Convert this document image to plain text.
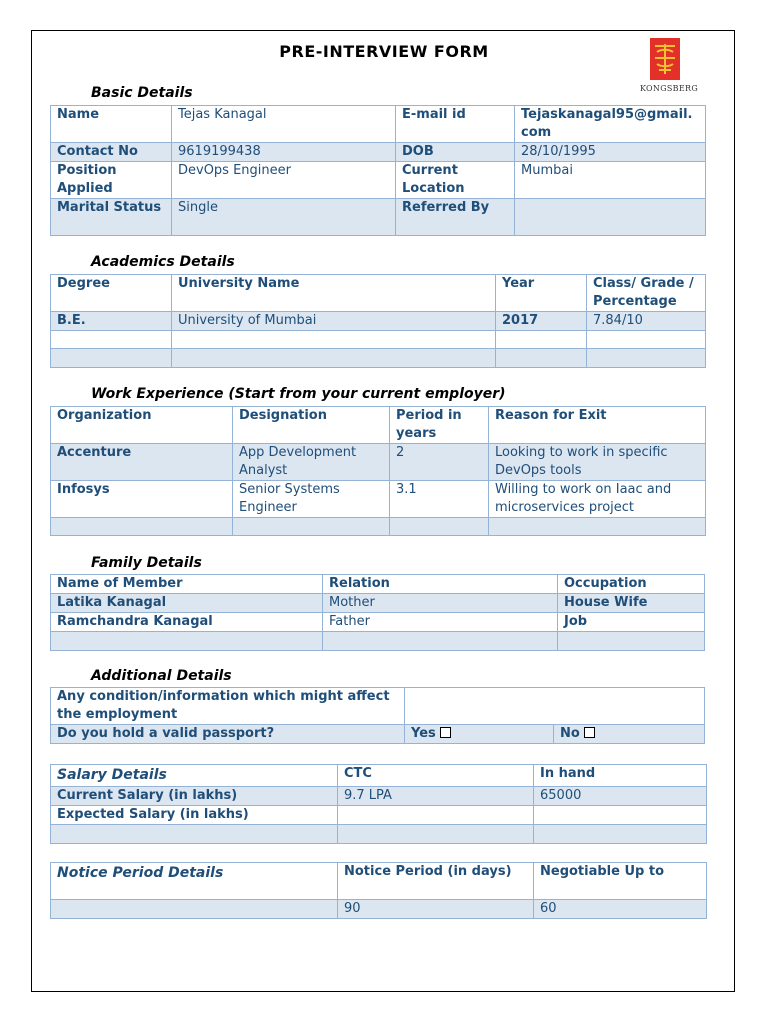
PRE-INTERVIEW FORM
KONGSBERG
Basic Details
Name	Tejas Kanagal	E-mail id	Tejaskanagal95@gmail.com
Contact No	9619199438	DOB	28/10/1995
Position Applied	DevOps Engineer	Current Location	Mumbai
Marital Status	Single	Referred By	
Academics Details
Degree	University Name	Year	Class/ Grade / Percentage
B.E.	University of Mumbai	2017	7.84/10

Work Experience (Start from your current employer)
Organization	Designation	Period in years	Reason for Exit
Accenture	App Development Analyst	2	Looking to work in specific DevOps tools
Infosys	Senior Systems Engineer	3.1	Willing to work on Iaac and microservices project

Family Details
Name of Member	Relation	Occupation
Latika Kanagal	Mother	House Wife
Ramchandra Kanagal	Father	Job

Additional Details
Any condition/information which might affect the employment		
Do you hold a valid passport?	Yes	No
Salary Details	CTC	In hand
Current Salary (in lakhs)	9.7 LPA	65000
Expected Salary (in lakhs)		

Notice Period Details	Notice Period (in days)	Negotiable Up to
	90	60
